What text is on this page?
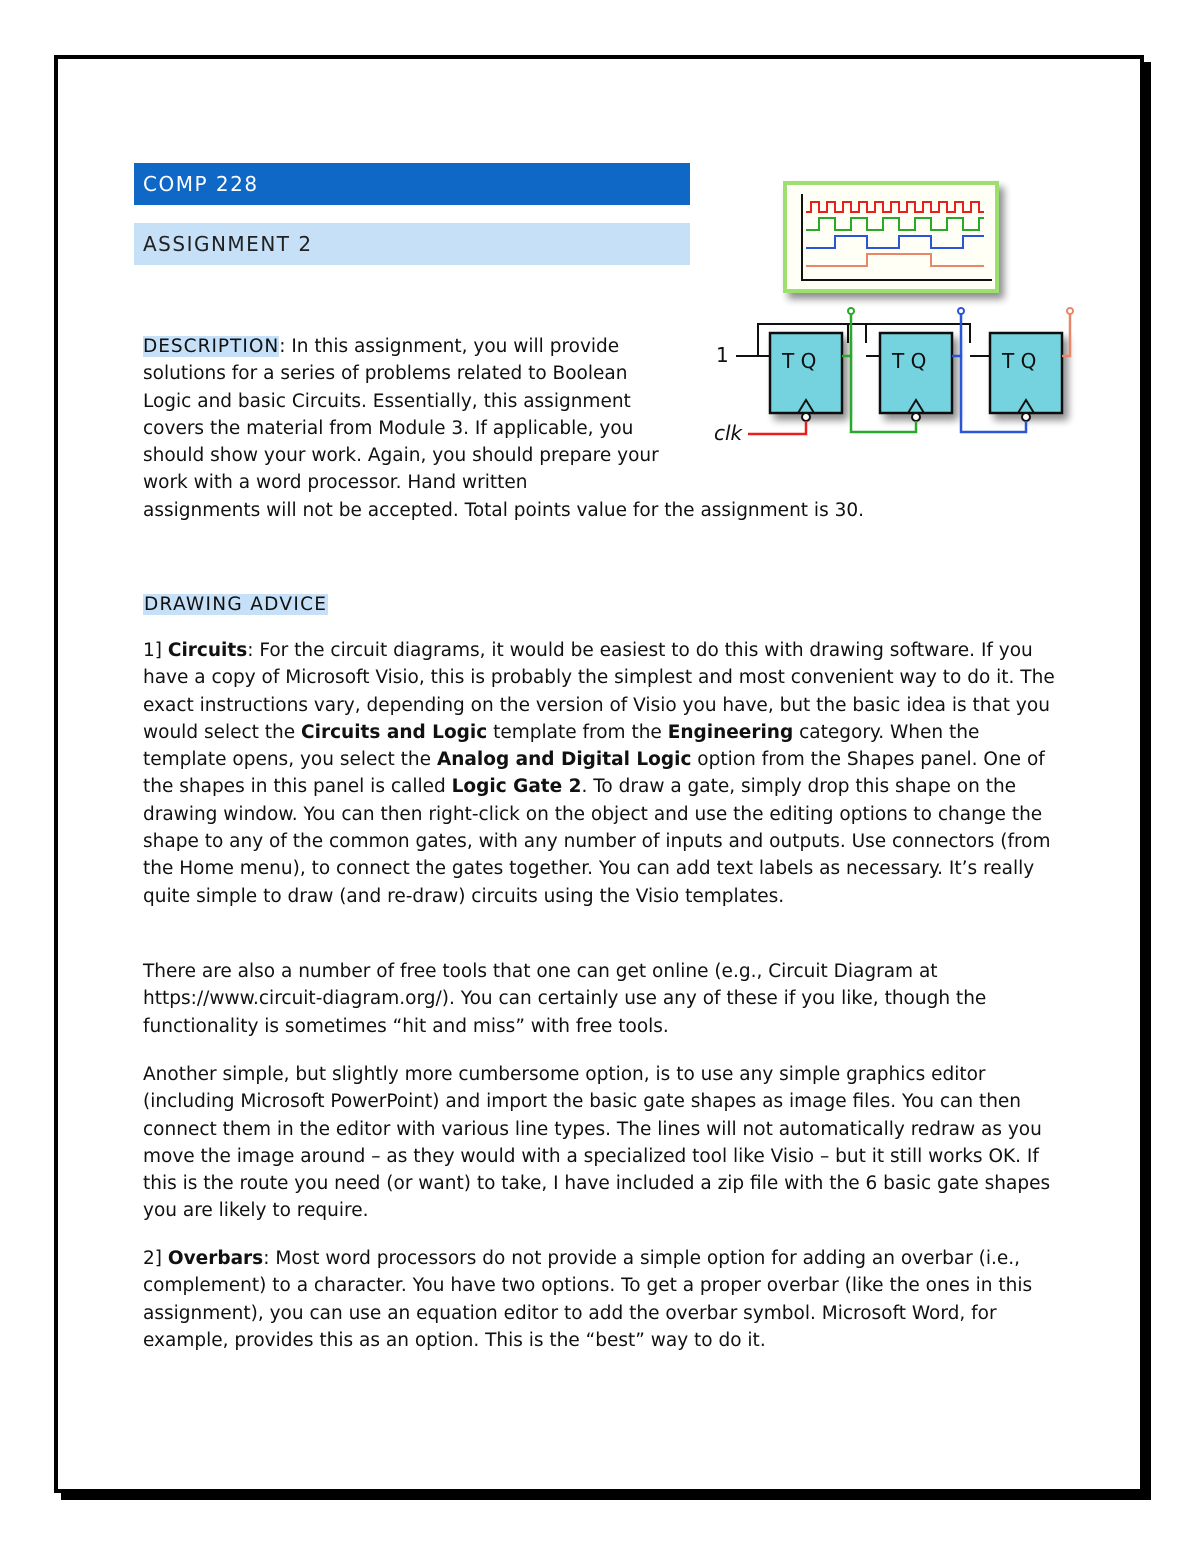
COMP 228
ASSIGNMENT 2
DESCRIPTION: In this assignment, you will provide solutions for a series of problems related to Boolean Logic and basic Circuits. Essentially, this assignment covers the material from Module 3. If applicable, you should show your work. Again, you should prepare your work with a word processor. Hand written
assignments will not be accepted. Total points value for the assignment is 30.
1	T Q	T Q	T Q
clk
DRAWING ADVICE
1] Circuits: For the circuit diagrams, it would be easiest to do this with drawing software. If you have a copy of Microsoft Visio, this is probably the simplest and most convenient way to do it. The exact instructions vary, depending on the version of Visio you have, but the basic idea is that you would select the Circuits and Logic template from the Engineering category. When the template opens, you select the Analog and Digital Logic option from the Shapes panel. One of the shapes in this panel is called Logic Gate 2. To draw a gate, simply drop this shape on the drawing window. You can then right-click on the object and use the editing options to change the shape to any of the common gates, with any number of inputs and outputs. Use connectors (from the Home menu), to connect the gates together. You can add text labels as necessary. It’s really quite simple to draw (and re-draw) circuits using the Visio templates.
There are also a number of free tools that one can get online (e.g., Circuit Diagram at https://www.circuit-diagram.org/). You can certainly use any of these if you like, though the functionality is sometimes “hit and miss” with free tools.
Another simple, but slightly more cumbersome option, is to use any simple graphics editor (including Microsoft PowerPoint) and import the basic gate shapes as image files. You can then connect them in the editor with various line types. The lines will not automatically redraw as you move the image around – as they would with a specialized tool like Visio – but it still works OK. If this is the route you need (or want) to take, I have included a zip file with the 6 basic gate shapes you are likely to require.
2] Overbars: Most word processors do not provide a simple option for adding an overbar (i.e., complement) to a character. You have two options. To get a proper overbar (like the ones in this assignment), you can use an equation editor to add the overbar symbol. Microsoft Word, for example, provides this as an option. This is the “best” way to do it.
